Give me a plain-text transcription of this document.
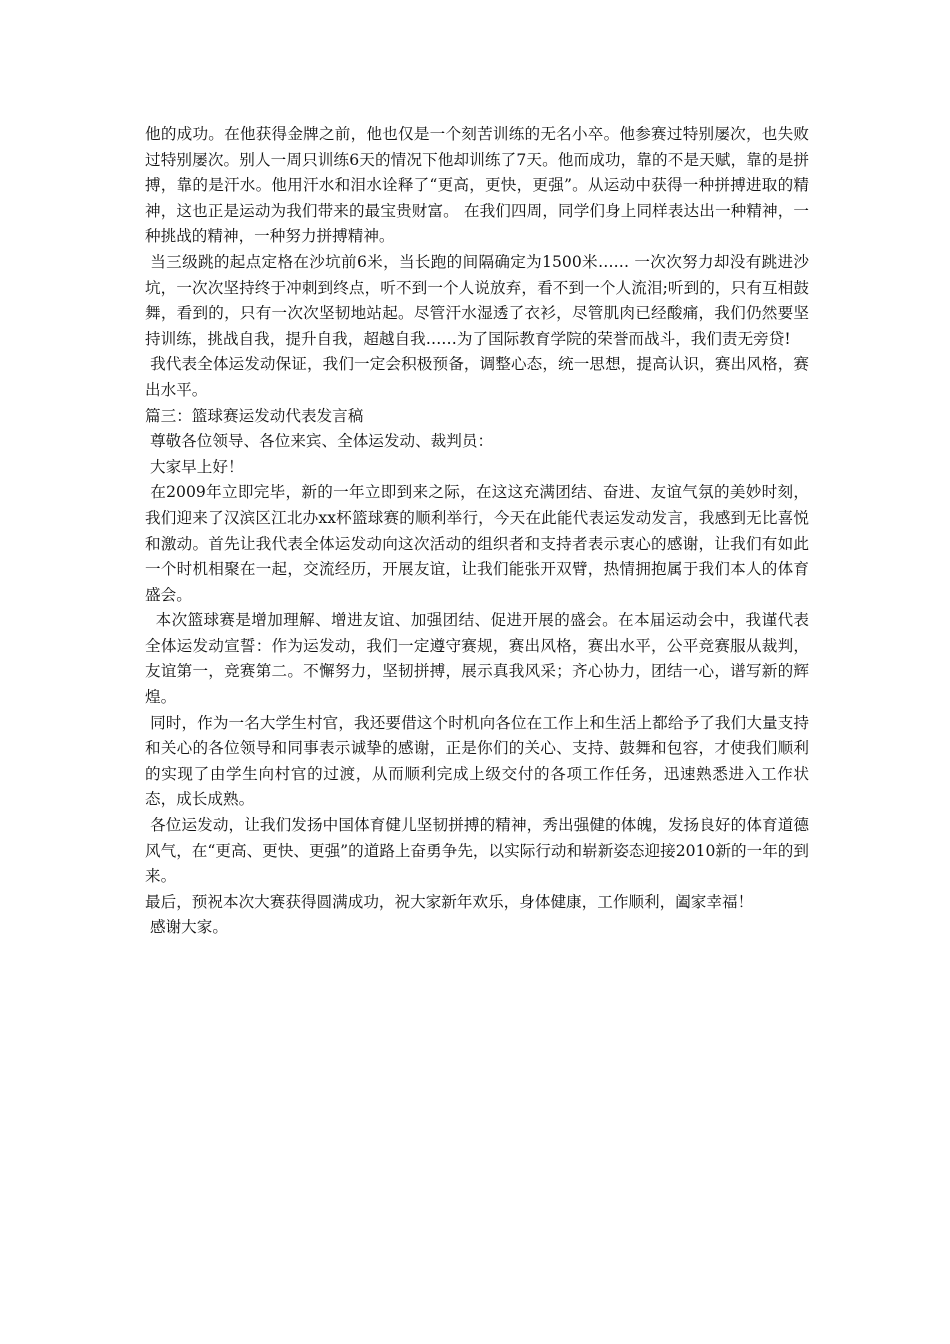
他的成功。在他获得金牌之前，他也仅是一个刻苦训练的无名小卒。他参赛过特别屡次，也失败过特别屡次。别人一周只训练6天的情况下他却训练了7天。他而成功，靠的不是天赋，靠的是拼搏，靠的是汗水。他用汗水和泪水诠释了“更高，更快，更强”。从运动中获得一种拼搏进取的精神，这也正是运动为我们带来的最宝贵财富。 在我们四周，同学们身上同样表达出一种精神，一种挑战的精神，一种努力拼搏精神。

当三级跳的起点定格在沙坑前6米，当长跑的间隔确定为1500米…… 一次次努力却没有跳进沙坑，一次次坚持终于冲刺到终点，听不到一个人说放弃，看不到一个人流泪;听到的，只有互相鼓舞，看到的，只有一次次坚韧地站起。尽管汗水湿透了衣衫，尽管肌肉已经酸痛，我们仍然要坚持训练，挑战自我，提升自我，超越自我……为了国际教育学院的荣誉而战斗，我们责无旁贷!

我代表全体运发动保证，我们一定会积极预备，调整心态，统一思想，提高认识，赛出风格，赛出水平。

篇三：篮球赛运发动代表发言稿

尊敬各位领导、各位来宾、全体运发动、裁判员：

大家早上好！

在2009年立即完毕，新的一年立即到来之际，在这这充满团结、奋进、友谊气氛的美妙时刻，我们迎来了汉滨区江北办xx杯篮球赛的顺利举行，今天在此能代表运发动发言，我感到无比喜悦和激动。首先让我代表全体运发动向这次活动的组织者和支持者表示衷心的感谢，让我们有如此一个时机相聚在一起，交流经历，开展友谊，让我们能张开双臂，热情拥抱属于我们本人的体育盛会。

本次篮球赛是增加理解、增进友谊、加强团结、促进开展的盛会。在本届运动会中，我谨代表全体运发动宣誓：作为运发动，我们一定遵守赛规，赛出风格，赛出水平，公平竞赛服从裁判，友谊第一，竞赛第二。不懈努力，坚韧拼搏，展示真我风采；齐心协力，团结一心，谱写新的辉煌。

同时，作为一名大学生村官，我还要借这个时机向各位在工作上和生活上都给予了我们大量支持和关心的各位领导和同事表示诚挚的感谢，正是你们的关心、支持、鼓舞和包容，才使我们顺利的实现了由学生向村官的过渡，从而顺利完成上级交付的各项工作任务，迅速熟悉进入工作状态，成长成熟。

各位运发动，让我们发扬中国体育健儿坚韧拼搏的精神，秀出强健的体魄，发扬良好的体育道德风气，在“更高、更快、更强”的道路上奋勇争先，以实际行动和崭新姿态迎接2010新的一年的到来。

最后，预祝本次大赛获得圆满成功，祝大家新年欢乐，身体健康，工作顺利，阖家幸福！

感谢大家。
